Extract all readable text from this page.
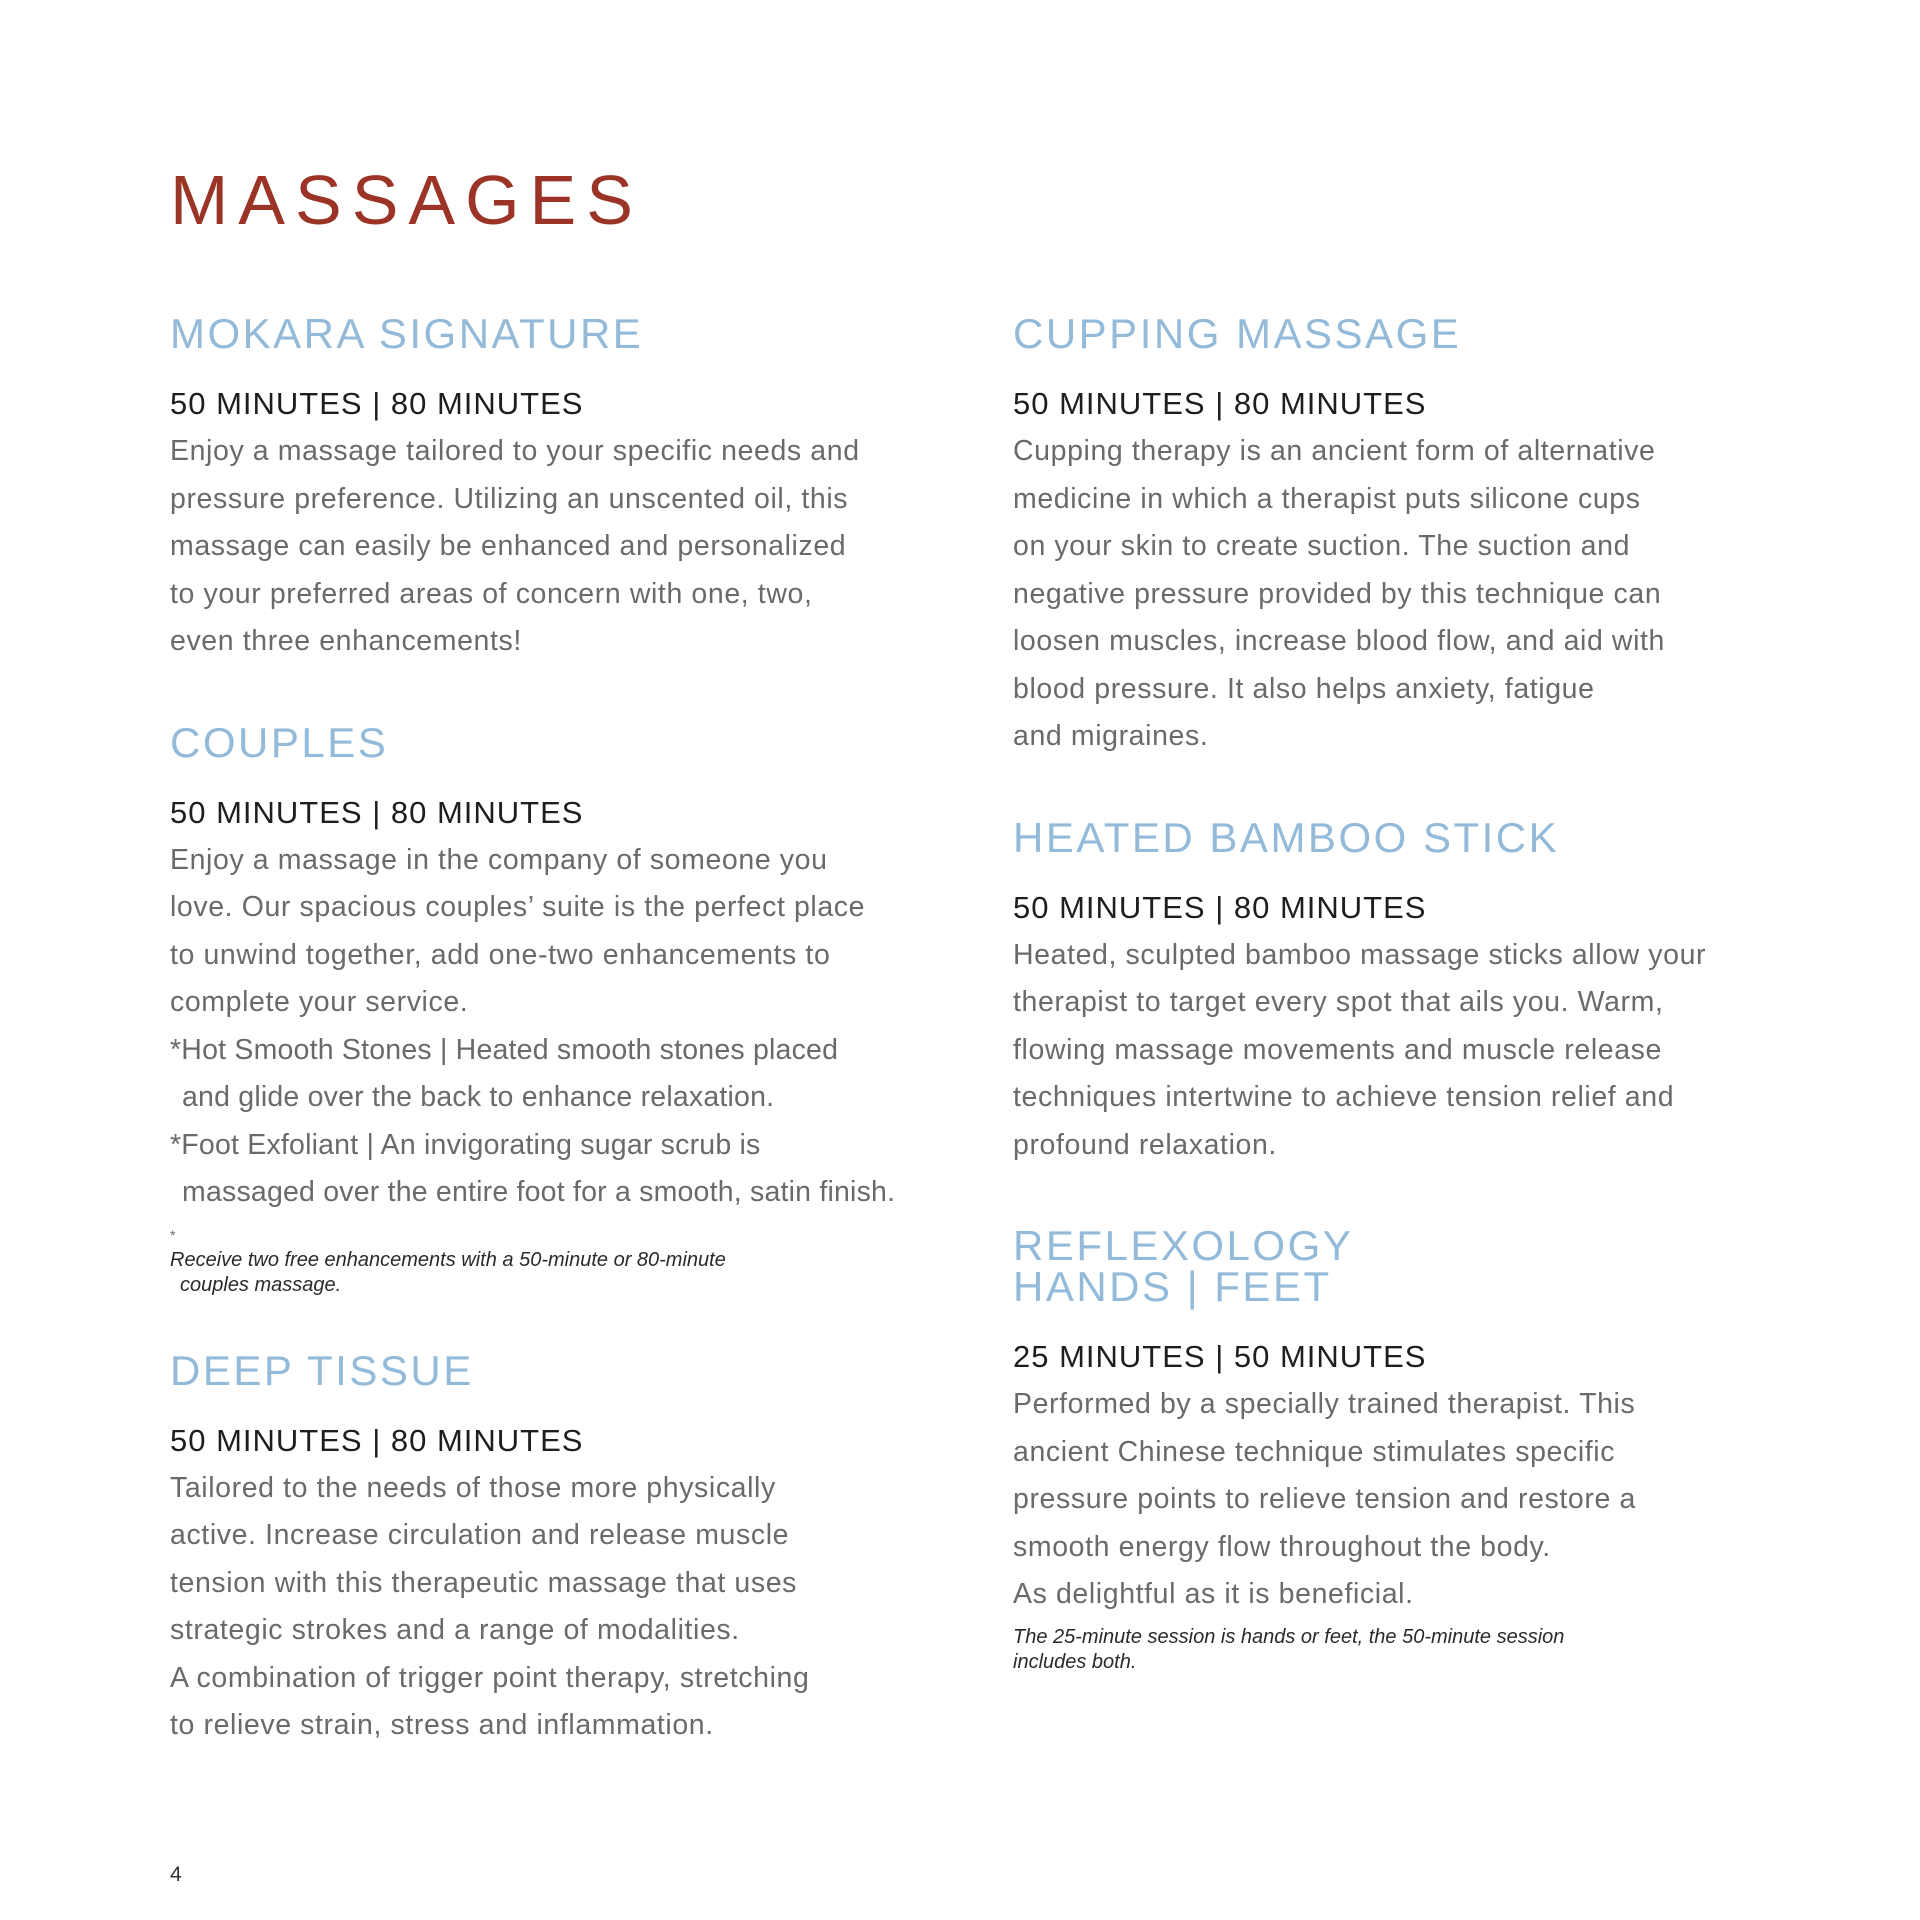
MASSAGES
MOKARA SIGNATURE

50 MINUTES | 80 MINUTES

Enjoy a massage tailored to your specific needs and
pressure preference. Utilizing an unscented oil, this
massage can easily be enhanced and personalized
to your preferred areas of concern with one, two,
even three enhancements!

COUPLES

50 MINUTES | 80 MINUTES

Enjoy a massage in the company of someone you
love. Our spacious couples’ suite is the perfect place
to unwind together, add one-two enhancements to
complete your service.

*Hot Smooth Stones | Heated smooth stones placed
and glide over the back to enhance relaxation.
*Foot Exfoliant | An invigorating sugar scrub is
massaged over the entire foot for a smooth, satin finish.

*
Receive two free enhancements with a 50-minute or 80-minute
couples massage.

DEEP TISSUE

50 MINUTES | 80 MINUTES

Tailored to the needs of those more physically
active. Increase circulation and release muscle
tension with this therapeutic massage that uses
strategic strokes and a range of modalities.
A combination of trigger point therapy, stretching
to relieve strain, stress and inflammation.

CUPPING MASSAGE

50 MINUTES | 80 MINUTES

Cupping therapy is an ancient form of alternative
medicine in which a therapist puts silicone cups
on your skin to create suction. The suction and
negative pressure provided by this technique can
loosen muscles, increase blood flow, and aid with
blood pressure. It also helps anxiety, fatigue
and migraines.

HEATED BAMBOO STICK

50 MINUTES | 80 MINUTES

Heated, sculpted bamboo massage sticks allow your
therapist to target every spot that ails you. Warm,
flowing massage movements and muscle release
techniques intertwine to achieve tension relief and
profound relaxation.

REFLEXOLOGY
HANDS | FEET

25 MINUTES | 50 MINUTES

Performed by a specially trained therapist. This
ancient Chinese technique stimulates specific
pressure points to relieve tension and restore a
smooth energy flow throughout the body.
As delightful as it is beneficial.

The 25-minute session is hands or feet, the 50-minute session
includes both.

4
